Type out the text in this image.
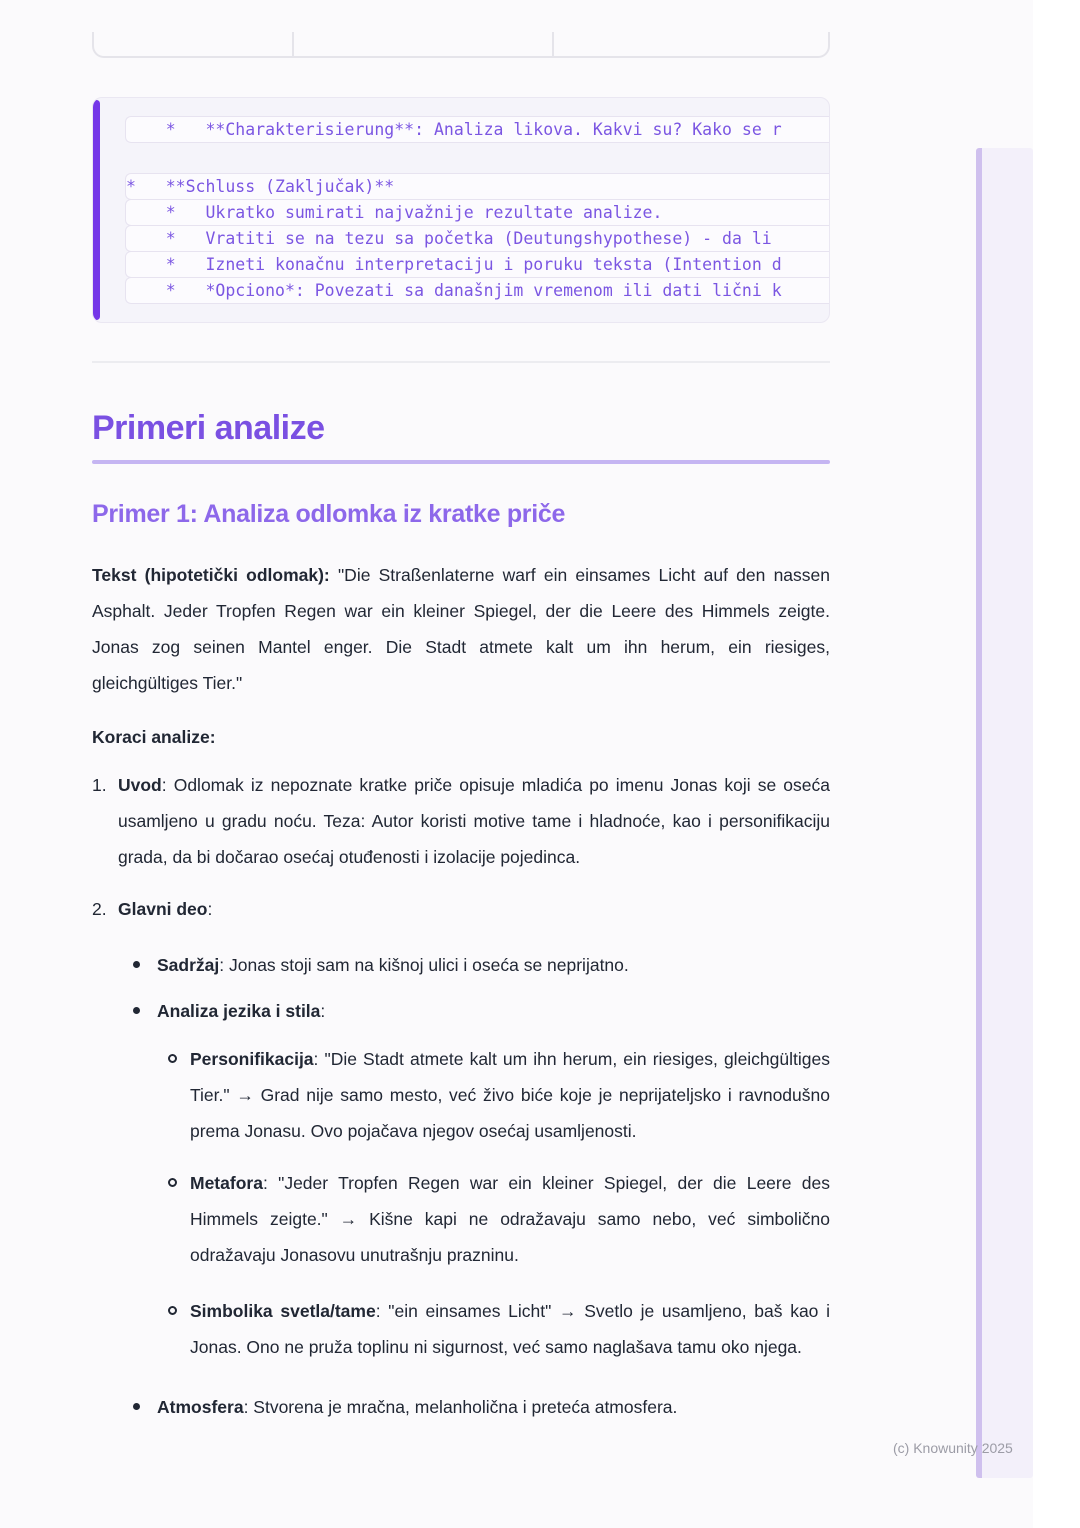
*   **Charakterisierung**: Analiza likova. Kakvi su? Kako se r
*   **Schluss (Zaključak)**
*   Ukratko sumirati najvažnije rezultate analize.
*   Vratiti se na tezu sa početka (Deutungshypothese) - da li
*   Izneti konačnu interpretaciju i poruku teksta (Intention d
*   *Opciono*: Povezati sa današnjim vremenom ili dati lični k
Primeri analize
Primer 1: Analiza odlomka iz kratke priče

Tekst (hipotetički odlomak): "Die Straßenlaterne warf ein einsames Licht auf den nassen Asphalt. Jeder Tropfen Regen war ein kleiner Spiegel, der die Leere des Himmels zeigte. Jonas zog seinen Mantel enger. Die Stadt atmete kalt um ihn herum, ein riesiges, gleichgültiges Tier."

Koraci analize:

1. Uvod: Odlomak iz nepoznate kratke priče opisuje mladića po imenu Jonas koji se oseća usamljeno u gradu noću. Teza: Autor koristi motive tame i hladnoće, kao i personifikaciju grada, da bi dočarao osećaj otuđenosti i izolacije pojedinca.
2. Glavni deo:
Sadržaj: Jonas stoji sam na kišnoj ulici i oseća se neprijatno.
Analiza jezika i stila:
Personifikacija: "Die Stadt atmete kalt um ihn herum, ein riesiges, gleichgültiges Tier." → Grad nije samo mesto, već živo biće koje je neprijateljsko i ravnodušno prema Jonasu. Ovo pojačava njegov osećaj usamljenosti.
Metafora: "Jeder Tropfen Regen war ein kleiner Spiegel, der die Leere des Himmels zeigte." → Kišne kapi ne odražavaju samo nebo, već simbolično odražavaju Jonasovu unutrašnju prazninu.
Simbolika svetla/tame: "ein einsames Licht" → Svetlo je usamljeno, baš kao i Jonas. Ono ne pruža toplinu ni sigurnost, već samo naglašava tamu oko njega.
Atmosfera: Stvorena je mračna, melanholična i preteća atmosfera.
(c) Knowunity 2025
